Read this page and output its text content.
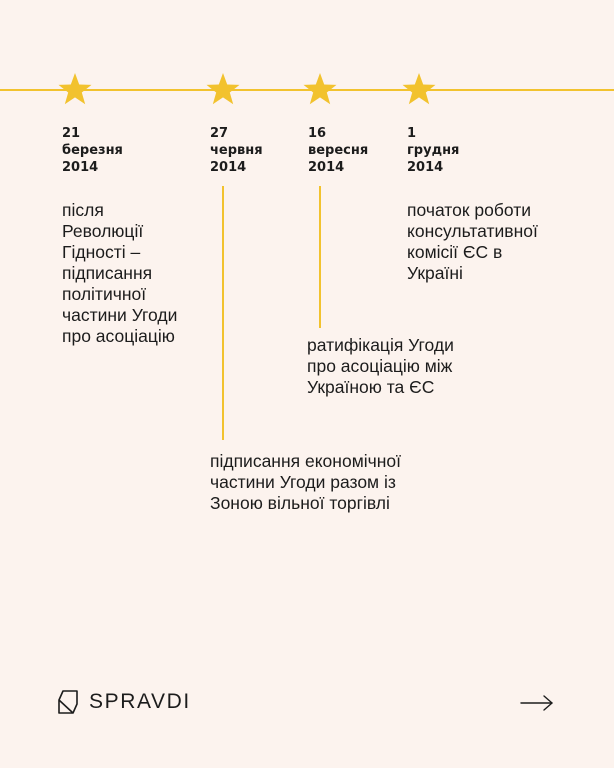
21
березня
2014
27
червня
2014
16
вересня
2014
1
грудня
2014
після
Революції
Гідності –
підписання
політичної
частини Угоди
про асоціацію
підписання економічної
частини Угоди разом із
Зоною вільної торгівлі
ратифікація Угоди
про асоціацію між
Україною та ЄС
початок роботи
консультативної
комісії ЄС в
Україні
SPRAVDI
